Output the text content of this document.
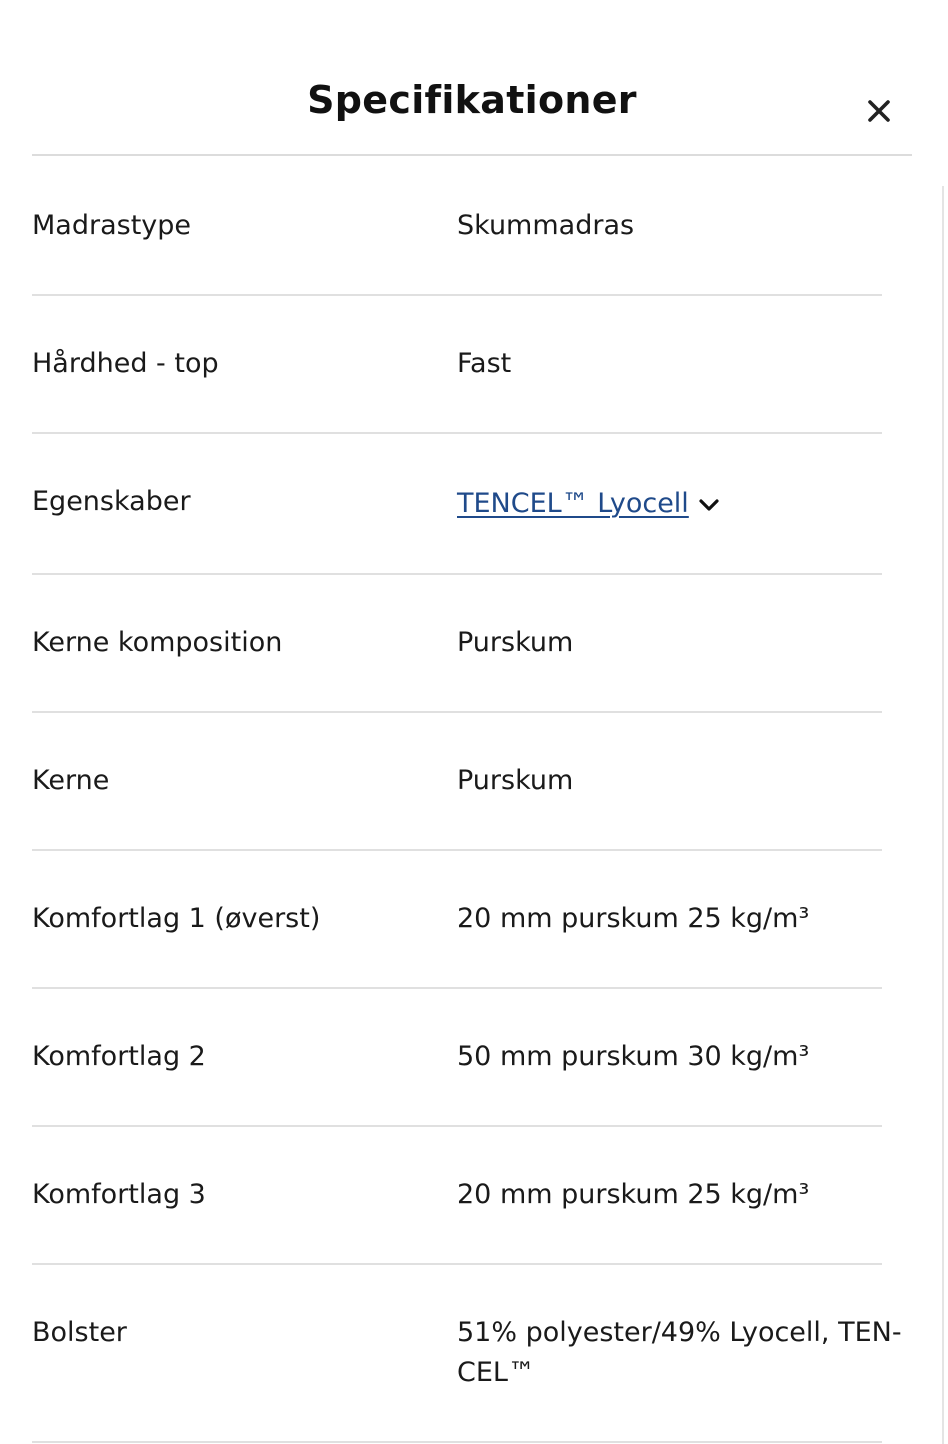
Specifikationer
Madrastype	Skummadras
Hårdhed - top	Fast
Egenskaber	TENCEL™ Lyocell
Kerne komposition	Purskum
Kerne	Purskum
Komfortlag 1 (øverst)	20 mm purskum 25 kg/m³
Komfortlag 2	50 mm purskum 30 kg/m³
Komfortlag 3	20 mm purskum 25 kg/m³
Bolster	51% polyester/49% Lyocell, TEN-
CEL™
